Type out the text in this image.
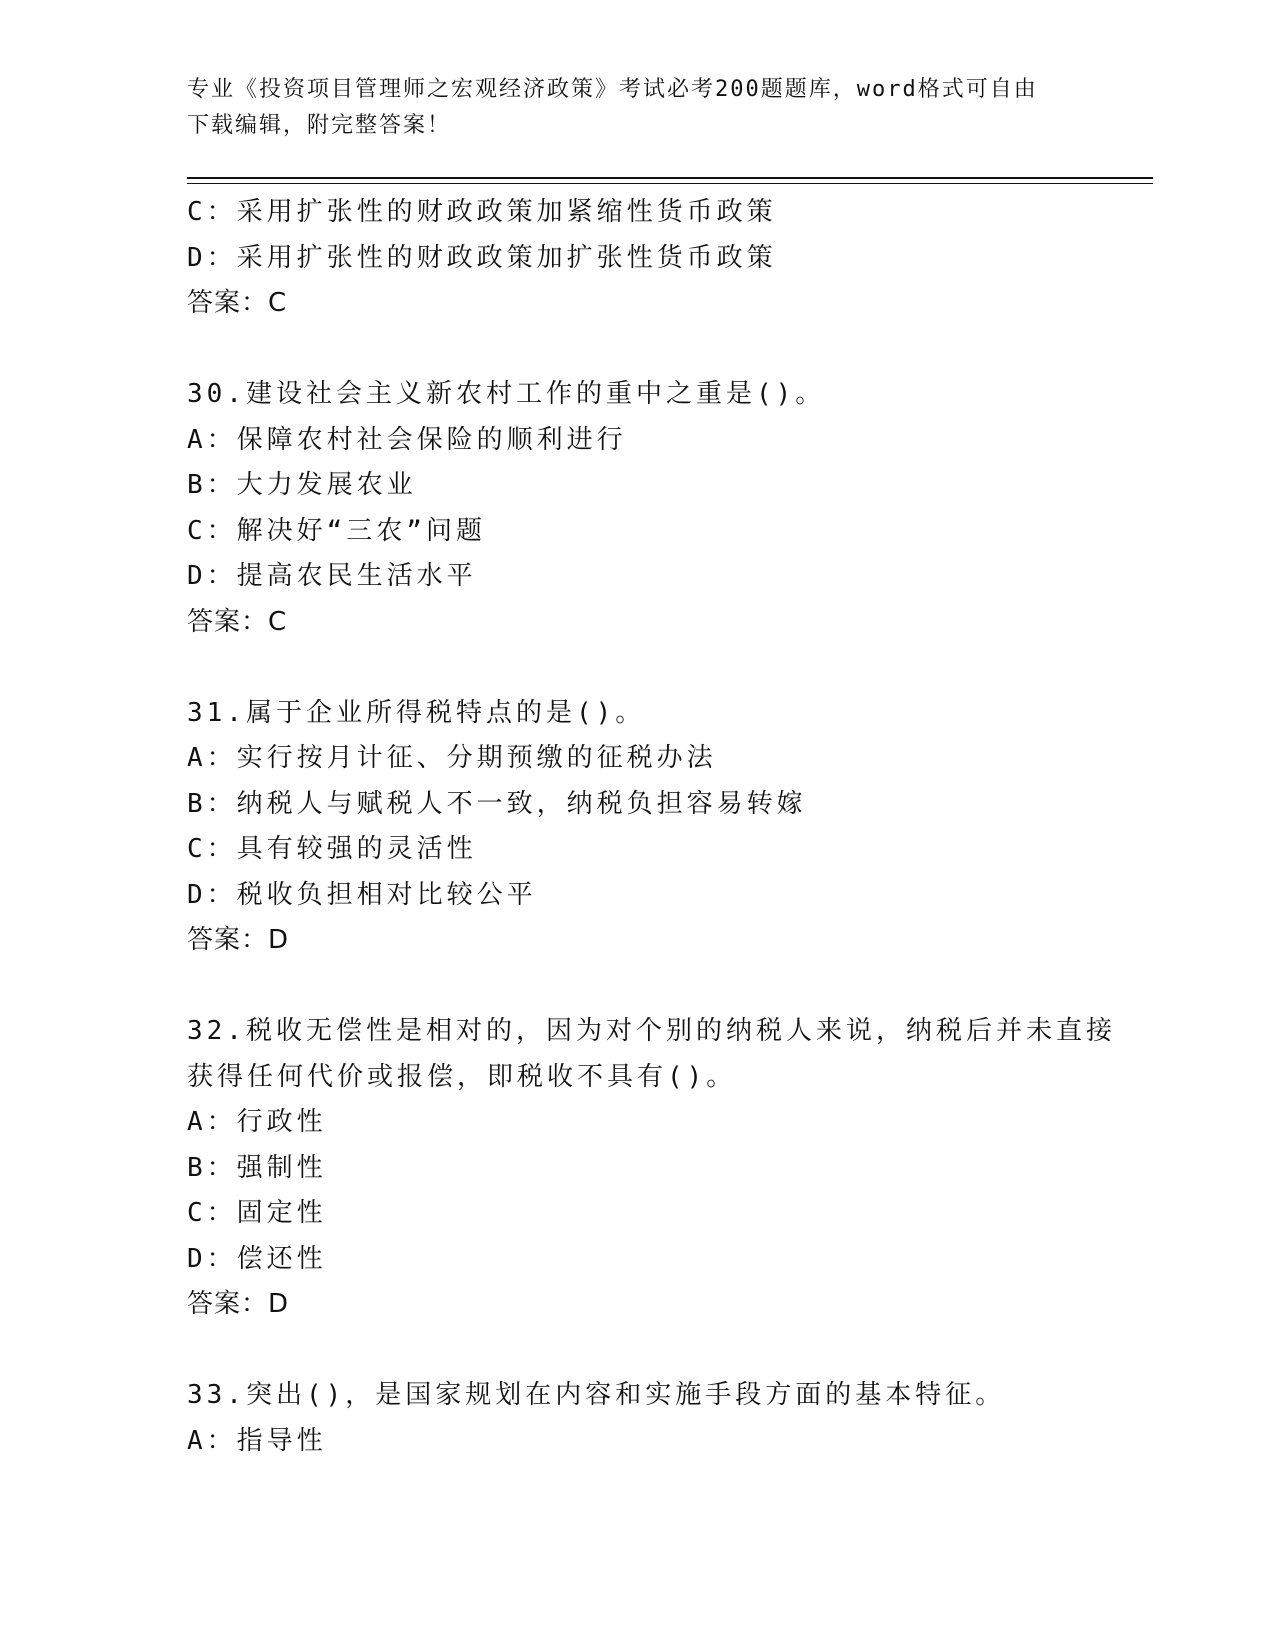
专业《投资项目管理师之宏观经济政策》考试必考200题题库，word格式可自由
下载编辑，附完整答案！
C：采用扩张性的财政政策加紧缩性货币政策
D：采用扩张性的财政政策加扩张性货币政策
答案：C
30.建设社会主义新农村工作的重中之重是()。
A：保障农村社会保险的顺利进行
B：大力发展农业
C：解决好“三农”问题
D：提高农民生活水平
答案：C
31.属于企业所得税特点的是()。
A：实行按月计征、分期预缴的征税办法
B：纳税人与赋税人不一致，纳税负担容易转嫁
C：具有较强的灵活性
D：税收负担相对比较公平
答案：D
32.税收无偿性是相对的，因为对个别的纳税人来说，纳税后并未直接
获得任何代价或报偿，即税收不具有()。
A：行政性
B：强制性
C：固定性
D：偿还性
答案：D
33.突出()，是国家规划在内容和实施手段方面的基本特征。
A：指导性
